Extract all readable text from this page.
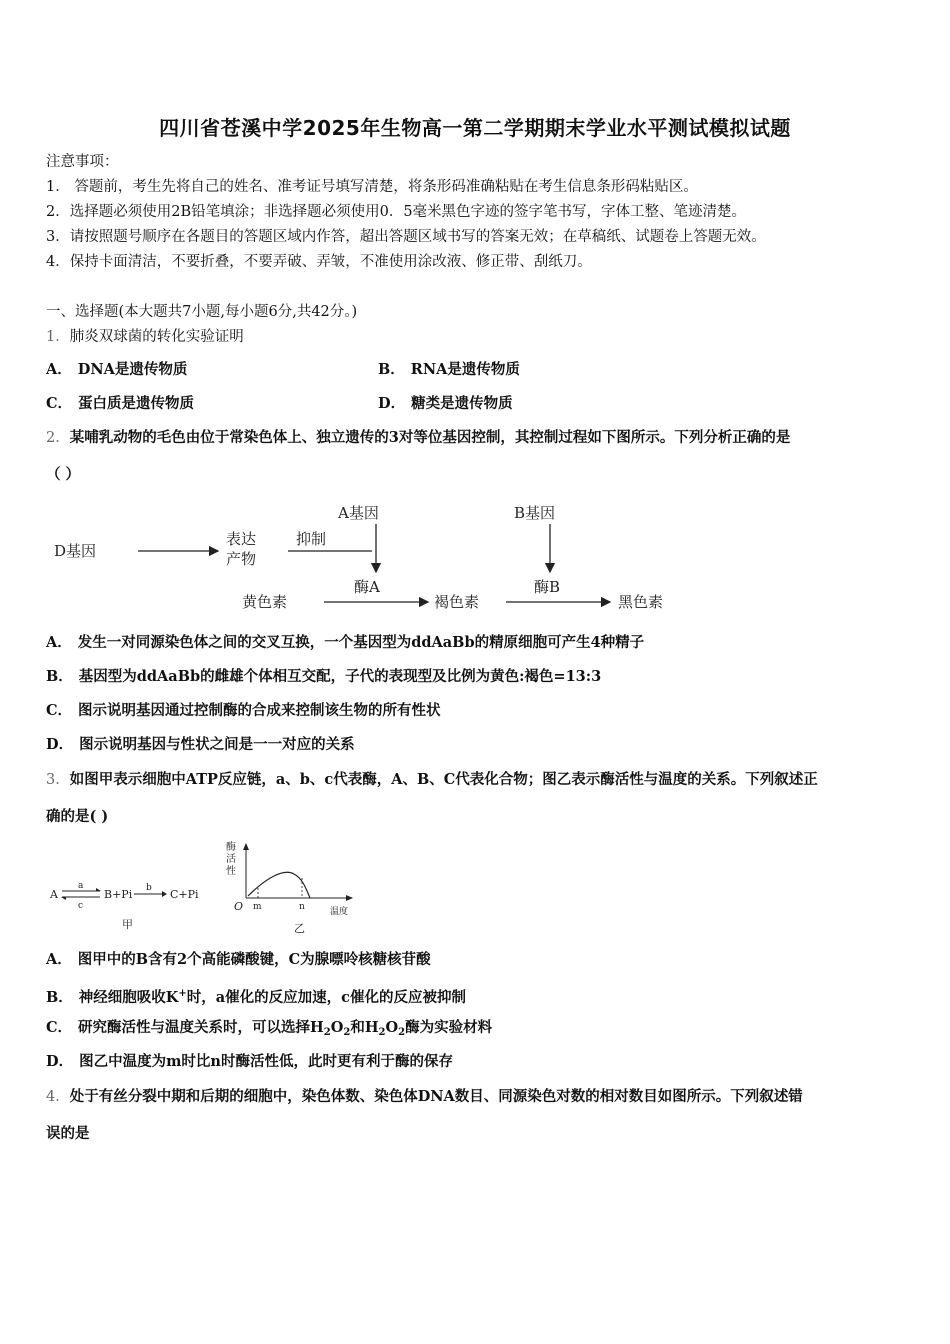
四川省苍溪中学2025年生物高一第二学期期末学业水平测试模拟试题
注意事项：
1． 答题前，考生先将自己的姓名、准考证号填写清楚，将条形码准确粘贴在考生信息条形码粘贴区。
2．选择题必须使用2B铅笔填涂；非选择题必须使用0．5毫米黑色字迹的签字笔书写，字体工整、笔迹清楚。
3．请按照题号顺序在各题目的答题区域内作答，超出答题区域书写的答案无效；在草稿纸、试题卷上答题无效。
4．保持卡面清洁，不要折叠，不要弄破、弄皱，不准使用涂改液、修正带、刮纸刀。
一、选择题(本大题共7小题,每小题6分,共42分。)
1．肺炎双球菌的转化实验证明
A． DNA是遗传物质	B． RNA是遗传物质
C． 蛋白质是遗传物质	D． 糖类是遗传物质
2．某哺乳动物的毛色由位于常染色体上、独立遗传的3对等位基因控制，其控制过程如下图所示。下列分析正确的是
（ ）
D基因
表达
产物
抑制
A基因	B基因
黄色素
酶A
褐色素
酶B
黑色素
A． 发生一对同源染色体之间的交叉互换，一个基因型为ddAaBb的精原细胞可产生4种精子
B． 基因型为ddAaBb的雌雄个体相互交配，子代的表现型及比例为黄色:褐色=13:3
C． 图示说明基因通过控制酶的合成来控制该生物的所有性状
D． 图示说明基因与性状之间是一一对应的关系
3．如图甲表示细胞中ATP反应链，a、b、c代表酶，A、B、C代表化合物；图乙表示酶活性与温度的关系。下列叙述正
确的是( )
A
a
c
B+Pi b C+Pi
甲
酶
活
性
O m	n	温度
乙
A． 图甲中的B含有2个高能磷酸键，C为腺嘌呤核糖核苷酸
B． 神经细胞吸收K+时，a催化的反应加速，c催化的反应被抑制
C． 研究酶活性与温度关系时，可以选择$H_2O_2$和$H_2O_2$酶为实验材料
D． 图乙中温度为m时比n时酶活性低，此时更有利于酶的保存
4．处于有丝分裂中期和后期的细胞中，染色体数、染色体DNA数目、同源染色对数的相对数目如图所示。下列叙述错
误的是
